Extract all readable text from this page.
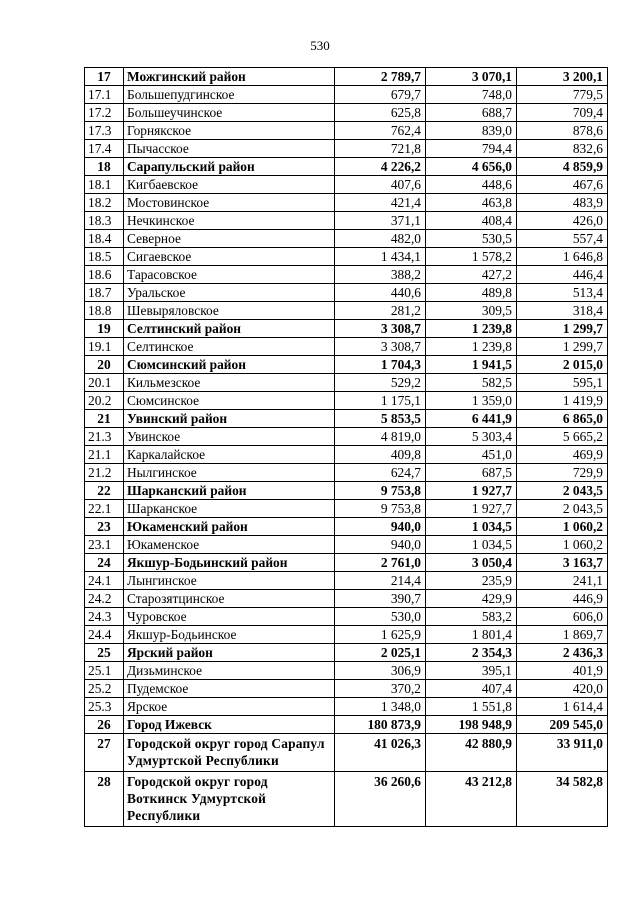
530
17	Можгинский район	2 789,7	3 070,1	3 200,1
17.1	Большепудгинское	679,7	748,0	779,5
17.2	Большеучинское	625,8	688,7	709,4
17.3	Горнякское	762,4	839,0	878,6
17.4	Пычасское	721,8	794,4	832,6
18	Сарапульский район	4 226,2	4 656,0	4 859,9
18.1	Кигбаевское	407,6	448,6	467,6
18.2	Мостовинское	421,4	463,8	483,9
18.3	Нечкинское	371,1	408,4	426,0
18.4	Северное	482,0	530,5	557,4
18.5	Сигаевское	1 434,1	1 578,2	1 646,8
18.6	Тарасовское	388,2	427,2	446,4
18.7	Уральское	440,6	489,8	513,4
18.8	Шевыряловское	281,2	309,5	318,4
19	Селтинский район	3 308,7	1 239,8	1 299,7
19.1	Селтинское	3 308,7	1 239,8	1 299,7
20	Сюмсинский район	1 704,3	1 941,5	2 015,0
20.1	Кильмезское	529,2	582,5	595,1
20.2	Сюмсинское	1 175,1	1 359,0	1 419,9
21	Увинский район	5 853,5	6 441,9	6 865,0
21.3	Увинское	4 819,0	5 303,4	5 665,2
21.1	Каркалайское	409,8	451,0	469,9
21.2	Нылгинское	624,7	687,5	729,9
22	Шарканский район	9 753,8	1 927,7	2 043,5
22.1	Шарканское	9 753,8	1 927,7	2 043,5
23	Юкаменский район	940,0	1 034,5	1 060,2
23.1	Юкаменское	940,0	1 034,5	1 060,2
24	Якшур-Бодьинский район	2 761,0	3 050,4	3 163,7
24.1	Лынгинское	214,4	235,9	241,1
24.2	Старозятцинское	390,7	429,9	446,9
24.3	Чуровское	530,0	583,2	606,0
24.4	Якшур-Бодьинское	1 625,9	1 801,4	1 869,7
25	Ярский район	2 025,1	2 354,3	2 436,3
25.1	Дизьминское	306,9	395,1	401,9
25.2	Пудемское	370,2	407,4	420,0
25.3	Ярское	1 348,0	1 551,8	1 614,4
26	Город Ижевск	180 873,9	198 948,9	209 545,0
27	Городской округ город Сарапул Удмуртской Республики	41 026,3	42 880,9	33 911,0
28	Городской округ город Воткинск Удмуртской Республики	36 260,6	43 212,8	34 582,8
